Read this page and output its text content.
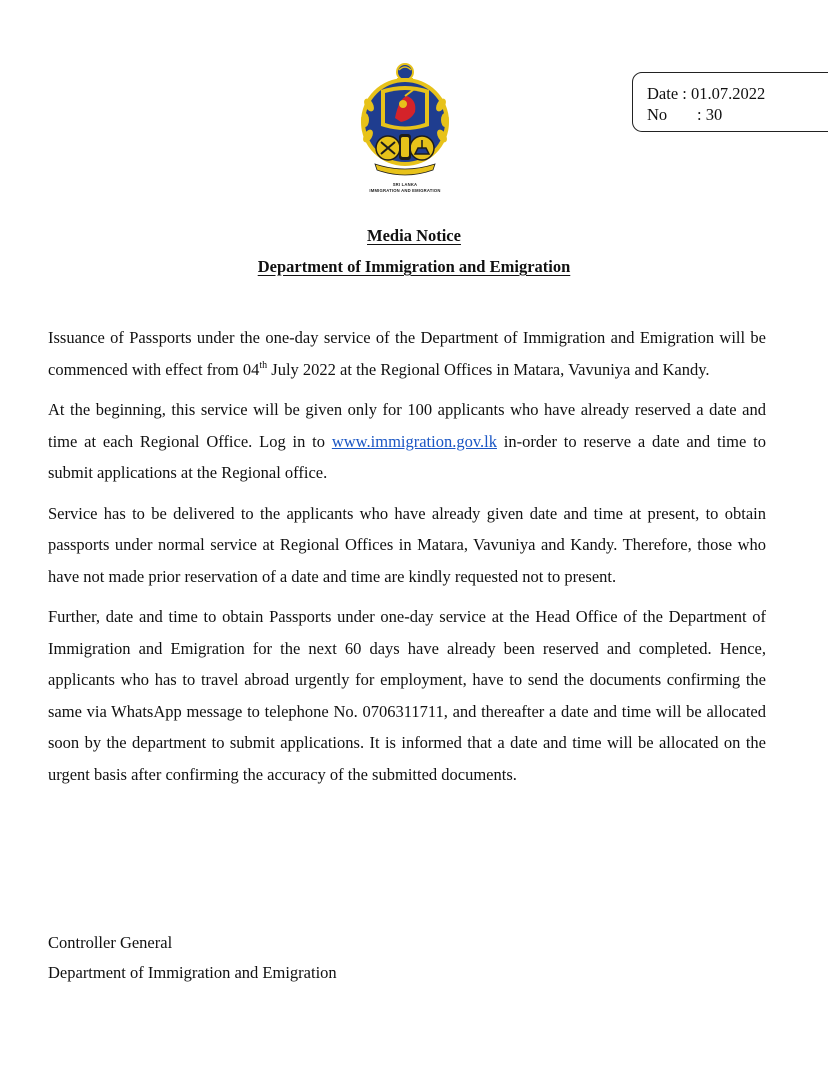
Date : 01.07.2022
No : 30
SRI LANKA
IMMIGRATION AND EMIGRATION
Media Notice
Department of Immigration and Emigration

Issuance of Passports under the one-day service of the Department of Immigration and Emigration will be commenced with effect from 04th July 2022 at the Regional Offices in Matara, Vavuniya and Kandy.

At the beginning, this service will be given only for 100 applicants who have already reserved a date and time at each Regional Office. Log in to www.immigration.gov.lk in-order to reserve a date and time to submit applications at the Regional office.

Service has to be delivered to the applicants who have already given date and time at present, to obtain passports under normal service at Regional Offices in Matara, Vavuniya and Kandy. Therefore, those who have not made prior reservation of a date and time are kindly requested not to present.

Further, date and time to obtain Passports under one-day service at the Head Office of the Department of Immigration and Emigration for the next 60 days have already been reserved and completed. Hence, applicants who has to travel abroad urgently for employment, have to send the documents confirming the same via WhatsApp message to telephone No. 0706311711, and thereafter a date and time will be allocated soon by the department to submit applications. It is informed that a date and time will be allocated on the urgent basis after confirming the accuracy of the submitted documents.

Controller General
Department of Immigration and Emigration
